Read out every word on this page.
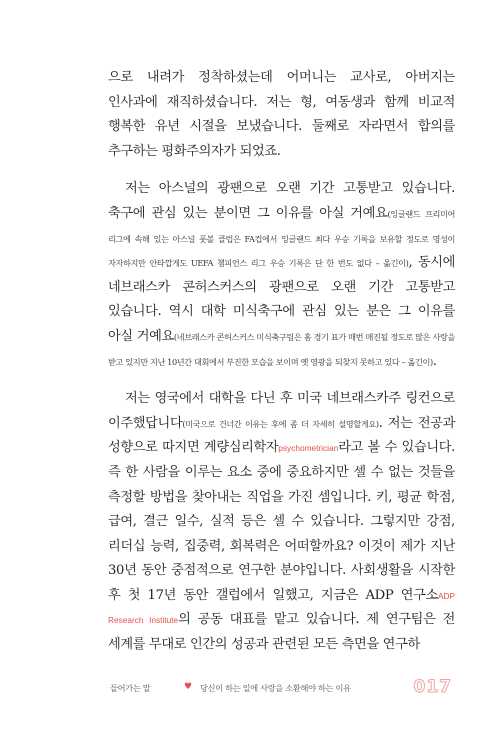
으로 내려가 정착하셨는데 어머니는 교사로, 아버지는 인사과에 재직하셨습니다. 저는 형, 여동생과 함께 비교적 행복한 유년 시절을 보냈습니다. 둘째로 자라면서 합의를 추구하는 평화주의자가 되었죠.

저는 아스널의 광팬으로 오랜 기간 고통받고 있습니다. 축구에 관심 있는 분이면 그 이유를 아실 거예요(잉글랜드 프리미어 리그에 속해 있는 아스널 풋볼 클럽은 FA컵에서 잉글랜드 최다 우승 기록을 보유할 정도로 명성이 자자하지만 안타깝게도 UEFA 챔피언스 리그 우승 기록은 단 한 번도 없다 – 옮긴이), 동시에 네브래스카 콘허스커스의 광팬으로 오랜 기간 고통받고 있습니다. 역시 대학 미식축구에 관심 있는 분은 그 이유를 아실 거예요(네브래스카 콘허스커스 미식축구팀은 홈 경기 표가 매번 매진될 정도로 많은 사랑을 받고 있지만 지난 10년간 대회에서 부진한 모습을 보이며 옛 영광을 되찾지 못하고 있다 – 옮긴이).

저는 영국에서 대학을 다닌 후 미국 네브래스카주 링컨으로 이주했답니다(미국으로 건너간 이유는 후에 좀 더 자세히 설명할게요). 저는 전공과 성향으로 따지면 계량심리학자psychometrician라고 볼 수 있습니다. 즉 한 사람을 이루는 요소 중에 중요하지만 셀 수 없는 것들을 측정할 방법을 찾아내는 직업을 가진 셈입니다. 키, 평균 학점, 급여, 결근 일수, 실적 등은 셀 수 있습니다. 그렇지만 강점, 리더십 능력, 집중력, 회복력은 어떠할까요? 이것이 제가 지난 30년 동안 중점적으로 연구한 분야입니다. 사회생활을 시작한 후 첫 17년 동안 갤럽에서 일했고, 지금은 ADP 연구소ADP Research Institute의 공동 대표를 맡고 있습니다. 제 연구팀은 전 세계를 무대로 인간의 성공과 관련된 모든 측면을 연구하

들어가는 말	♥ 당신이 하는 일에 사랑을 소환해야 하는 이유	017
